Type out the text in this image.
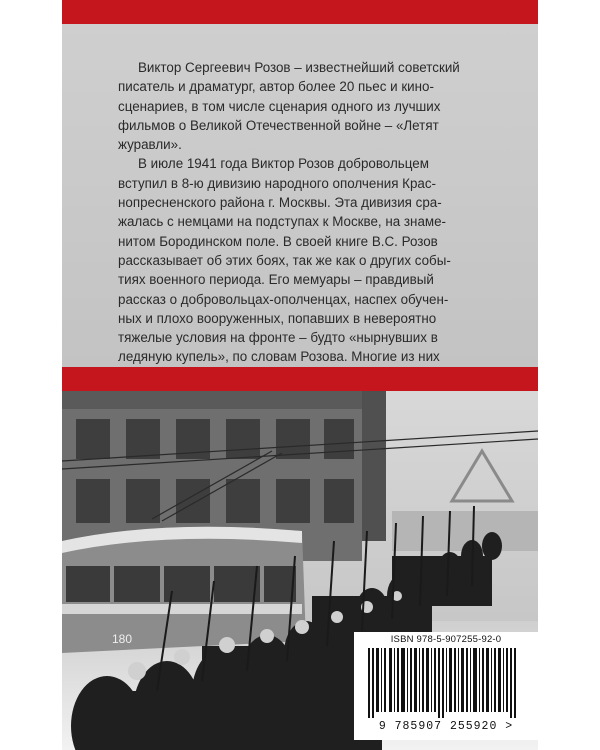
Виктор Сергеевич Розов – известнейший советский
писатель и драматург, автор более 20 пьес и кино-
сценариев, в том числе сценария одного из лучших
фильмов о Великой Отечественной войне – «Летят
журавли».

В июле 1941 года Виктор Розов добровольцем
вступил в 8-ю дивизию народного ополчения Крас-
нопресненского района г. Москвы. Эта дивизия сра-
жалась с немцами на подступах к Москве, на знаме-
нитом Бородинском поле. В своей книге В.С. Розов
рассказывает об этих боях, так же как о других собы-
тиях военного периода. Его мемуары – правдивый
рассказ о добровольцах-ополченцах, наспех обучен-
ных и плохо вооруженных, попавших в невероятно
тяжелые условия на фронте – будто «нырнувших в
ледяную купель», по словам Розова. Многие из них

180	ISBN 978-5-907255-92-0
9 785907 255920 >
